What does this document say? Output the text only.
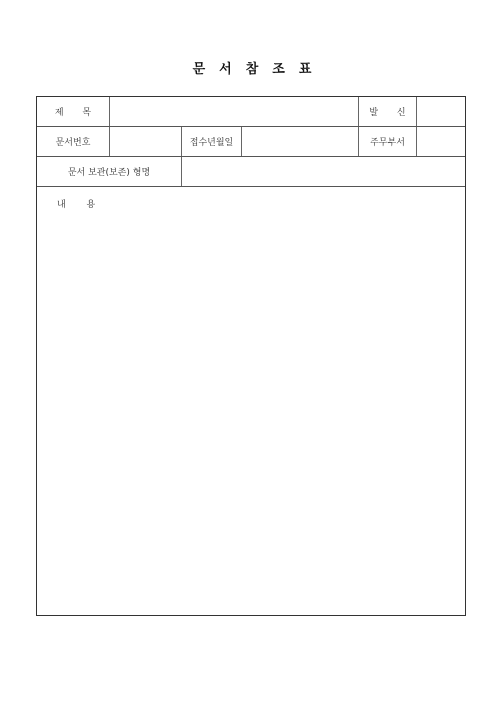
문서참조표
제 목	발 신
문서번호	접수년월일	주무부서
문서 보관(보존) 형명
내 용
